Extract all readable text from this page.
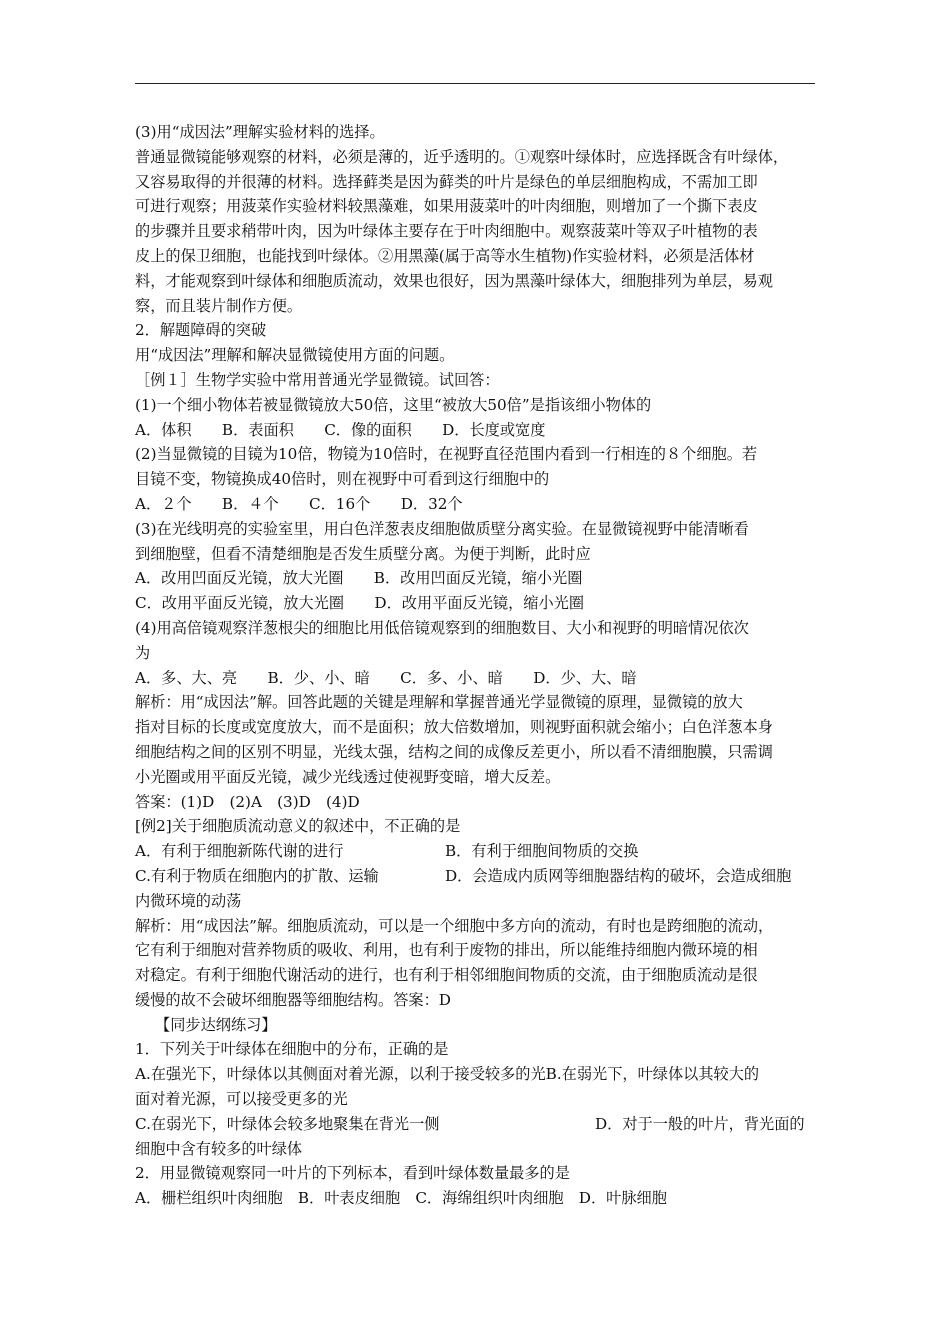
(3)用“成因法”理解实验材料的选择。
普通显微镜能够观察的材料，必须是薄的，近乎透明的。①观察叶绿体时，应选择既含有叶绿体，
又容易取得的并很薄的材料。选择藓类是因为藓类的叶片是绿色的单层细胞构成，不需加工即
可进行观察；用菠菜作实验材料较黑藻难，如果用菠菜叶的叶肉细胞，则增加了一个撕下表皮
的步骤并且要求稍带叶肉，因为叶绿体主要存在于叶肉细胞中。观察菠菜叶等双子叶植物的表
皮上的保卫细胞，也能找到叶绿体。②用黑藻(属于高等水生植物)作实验材料，必须是活体材
料，才能观察到叶绿体和细胞质流动，效果也很好，因为黑藻叶绿体大，细胞排列为单层，易观
察，而且装片制作方便。
2．解题障碍的突破
用“成因法”理解和解决显微镜使用方面的问题。
［例１］生物学实验中常用普通光学显微镜。试回答：
(1)一个细小物体若被显微镜放大50倍，这里“被放大50倍”是指该细小物体的
A．体积　　B．表面积　　C．像的面积　　D．长度或宽度
(2)当显微镜的目镜为10倍，物镜为10倍时，在视野直径范围内看到一行相连的８个细胞。若
目镜不变，物镜换成40倍时，则在视野中可看到这行细胞中的
A．２个　　B．４个　　C．16个　　D．32个
(3)在光线明亮的实验室里，用白色洋葱表皮细胞做质壁分离实验。在显微镜视野中能清晰看
到细胞壁，但看不清楚细胞是否发生质壁分离。为便于判断，此时应
A．改用凹面反光镜，放大光圈　　B．改用凹面反光镜，缩小光圈
C．改用平面反光镜，放大光圈　　D．改用平面反光镜，缩小光圈
(4)用高倍镜观察洋葱根尖的细胞比用低倍镜观察到的细胞数目、大小和视野的明暗情况依次
为
A．多、大、亮　　B．少、小、暗　　C．多、小、暗　　D．少、大、暗
解析：用“成因法”解。回答此题的关键是理解和掌握普通光学显微镜的原理，显微镜的放大
指对目标的长度或宽度放大，而不是面积；放大倍数增加，则视野面积就会缩小；白色洋葱本身
细胞结构之间的区别不明显，光线太强，结构之间的成像反差更小，所以看不清细胞膜，只需调
小光圈或用平面反光镜，减少光线透过使视野变暗，增大反差。
答案：(1)D　(2)A　(3)D　(4)D
[例2]关于细胞质流动意义的叙述中，不正确的是
A．有利于细胞新陈代谢的进行	B．有利于细胞间物质的交换
C.有利于物质在细胞内的扩散、运输	D．会造成内质网等细胞器结构的破坏，会造成细胞
内微环境的动荡
解析：用“成因法”解。细胞质流动，可以是一个细胞中多方向的流动，有时也是跨细胞的流动，
它有利于细胞对营养物质的吸收、利用，也有利于废物的排出，所以能维持细胞内微环境的相
对稳定。有利于细胞代谢活动的进行，也有利于相邻细胞间物质的交流，由于细胞质流动是很
缓慢的故不会破坏细胞器等细胞结构。答案：D
【同步达纲练习】
1．下列关于叶绿体在细胞中的分布，正确的是
A.在强光下，叶绿体以其侧面对着光源，以利于接受较多的光B.在弱光下，叶绿体以其较大的
面对着光源，可以接受更多的光
C.在弱光下，叶绿体会较多地聚集在背光一侧	D．对于一般的叶片，背光面的
细胞中含有较多的叶绿体
2．用显微镜观察同一叶片的下列标本，看到叶绿体数量最多的是
A．栅栏组织叶肉细胞　B．叶表皮细胞　C．海绵组织叶肉细胞　D．叶脉细胞
